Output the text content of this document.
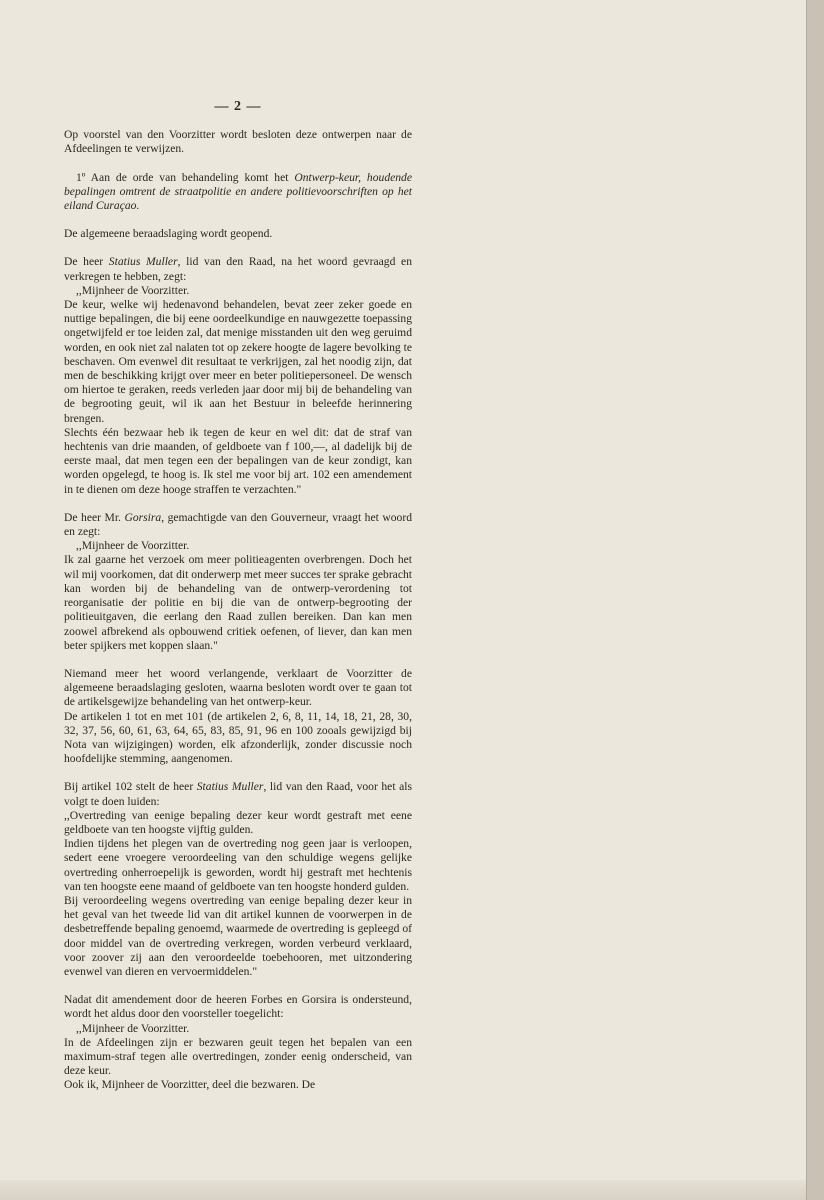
— 2 —

Op voorstel van den Voorzitter wordt besloten deze ontwerpen naar de Afdeelingen te verwijzen.

1º Aan de orde van behandeling komt het Ontwerp-keur, houdende bepalingen omtrent de straatpolitie en andere politievoorschriften op het eiland Curaçao.

De algemeene beraadslaging wordt geopend.

De heer Statius Muller, lid van den Raad, na het woord gevraagd en verkregen te hebben, zegt:

,,Mijnheer de Voorzitter.

De keur, welke wij hedenavond behandelen, bevat zeer zeker goede en nuttige bepalingen, die bij eene oordeelkundige en nauwgezette toepassing ongetwijfeld er toe leiden zal, dat menige misstanden uit den weg geruimd worden, en ook niet zal nalaten tot op zekere hoogte de lagere bevolking te beschaven. Om evenwel dit resultaat te verkrijgen, zal het noodig zijn, dat men de beschikking krijgt over meer en beter politiepersoneel. De wensch om hiertoe te geraken, reeds verleden jaar door mij bij de behandeling van de begrooting geuit, wil ik aan het Bestuur in beleefde herinnering brengen.

Slechts één bezwaar heb ik tegen de keur en wel dit: dat de straf van hechtenis van drie maanden, of geldboete van f 100,—, al dadelijk bij de eerste maal, dat men tegen een der bepalingen van de keur zondigt, kan worden opgelegd, te hoog is. Ik stel me voor bij art. 102 een amendement in te dienen om deze hooge straffen te verzachten."

De heer Mr. Gorsira, gemachtigde van den Gouverneur, vraagt het woord en zegt:

,,Mijnheer de Voorzitter.

Ik zal gaarne het verzoek om meer politieagenten overbrengen. Doch het wil mij voorkomen, dat dit onderwerp met meer succes ter sprake gebracht kan worden bij de behandeling van de ontwerp-verordening tot reorganisatie der politie en bij die van de ontwerp-begrooting der politieuitgaven, die eerlang den Raad zullen bereiken. Dan kan men zoowel afbrekend als opbouwend critiek oefenen, of liever, dan kan men beter spijkers met koppen slaan."

Niemand meer het woord verlangende, verklaart de Voorzitter de algemeene beraadslaging gesloten, waarna besloten wordt over te gaan tot de artikelsgewijze behandeling van het ontwerp-keur.

De artikelen 1 tot en met 101 (de artikelen 2, 6, 8, 11, 14, 18, 21, 28, 30, 32, 37, 56, 60, 61, 63, 64, 65, 83, 85, 91, 96 en 100 zooals gewijzigd bij Nota van wijzigingen) worden, elk afzonderlijk, zonder discussie noch hoofdelijke stemming, aangenomen.

Bij artikel 102 stelt de heer Statius Muller, lid van den Raad, voor het als volgt te doen luiden:

,,Overtreding van eenige bepaling dezer keur wordt gestraft met eene geldboete van ten hoogste vijftig gulden.

Indien tijdens het plegen van de overtreding nog geen jaar is verloopen, sedert eene vroegere veroordeeling van den schuldige wegens gelijke overtreding onherroepelijk is geworden, wordt hij gestraft met hechtenis van ten hoogste eene maand of geldboete van ten hoogste honderd gulden.

Bij veroordeeling wegens overtreding van eenige bepaling dezer keur in het geval van het tweede lid van dit artikel kunnen de voorwerpen in de desbetreffende bepaling genoemd, waarmede de overtreding is gepleegd of door middel van de overtreding verkregen, worden verbeurd verklaard, voor zoover zij aan den veroordeelde toebehooren, met uitzondering evenwel van dieren en vervoermiddelen."

Nadat dit amendement door de heeren Forbes en Gorsira is ondersteund, wordt het aldus door den voorsteller toegelicht:

,,Mijnheer de Voorzitter.

In de Afdeelingen zijn er bezwaren geuit tegen het bepalen van een maximum-straf tegen alle overtredingen, zonder eenig onderscheid, van deze keur.

Ook ik, Mijnheer de Voorzitter, deel die bezwaren. De
